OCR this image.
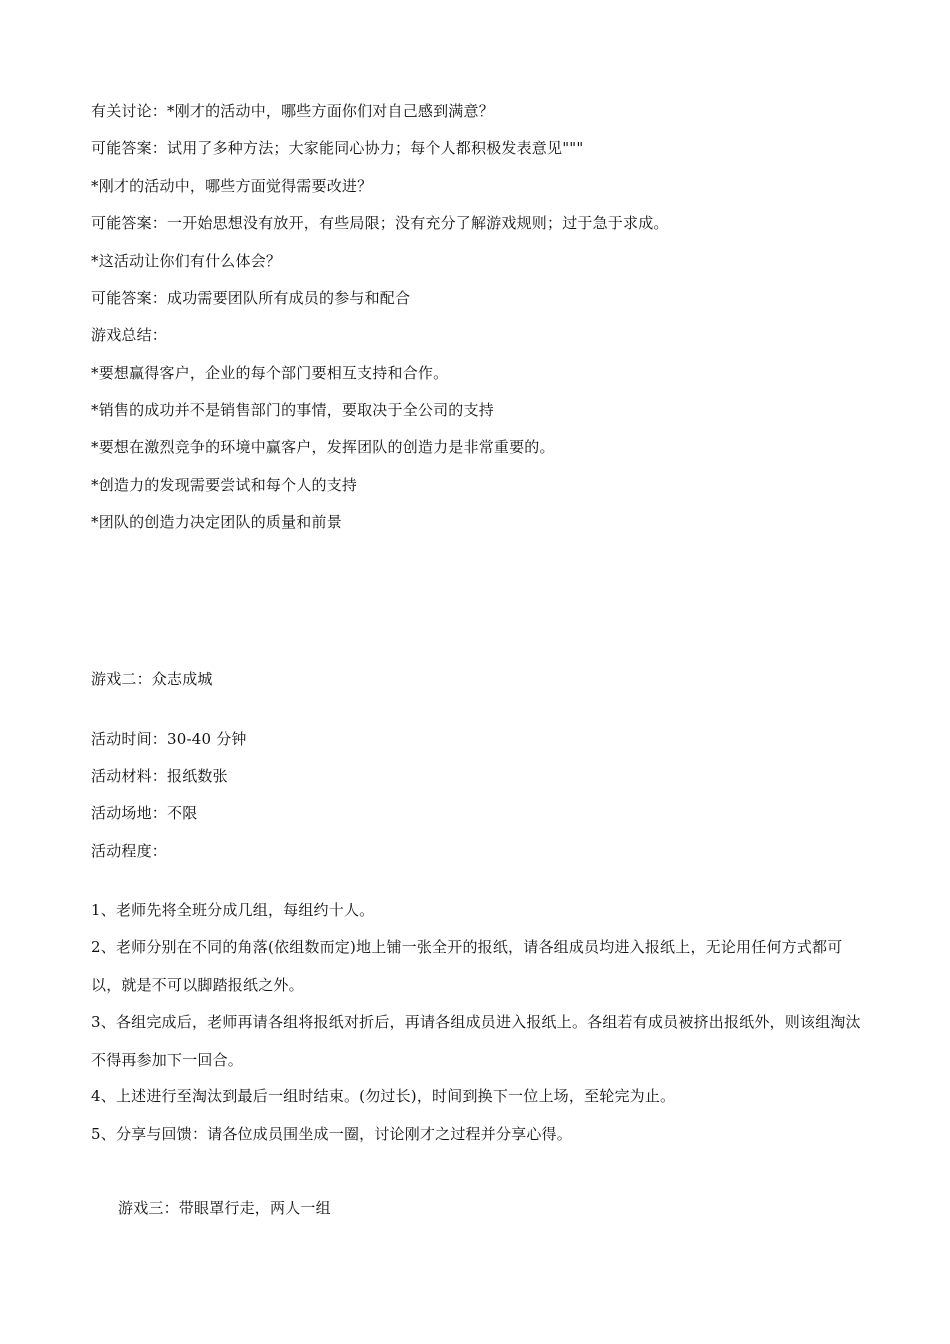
有关讨论：*刚才的活动中，哪些方面你们对自己感到满意？
可能答案：试用了多种方法；大家能同心协力；每个人都积极发表意见"""
*刚才的活动中，哪些方面觉得需要改进？
可能答案：一开始思想没有放开，有些局限；没有充分了解游戏规则；过于急于求成。
*这活动让你们有什么体会？
可能答案：成功需要团队所有成员的参与和配合
游戏总结：
*要想赢得客户，企业的每个部门要相互支持和合作。
*销售的成功并不是销售部门的事情，要取决于全公司的支持
*要想在激烈竞争的环境中赢客户，发挥团队的创造力是非常重要的。
*创造力的发现需要尝试和每个人的支持
*团队的创造力决定团队的质量和前景
游戏二：众志成城
活动时间：30-40 分钟
活动材料：报纸数张
活动场地：不限
活动程度：
1、老师先将全班分成几组，每组约十人。
2、老师分别在不同的角落(依组数而定)地上铺一张全开的报纸，请各组成员均进入报纸上，无论用任何方式都可以，就是不可以脚踏报纸之外。
3、各组完成后，老师再请各组将报纸对折后，再请各组成员进入报纸上。各组若有成员被挤出报纸外，则该组淘汰不得再参加下一回合。
4、上述进行至淘汰到最后一组时结束。(勿过长)，时间到换下一位上场，至轮完为止。
5、分享与回馈：请各位成员围坐成一圈，讨论刚才之过程并分享心得。
游戏三：带眼罩行走，两人一组
